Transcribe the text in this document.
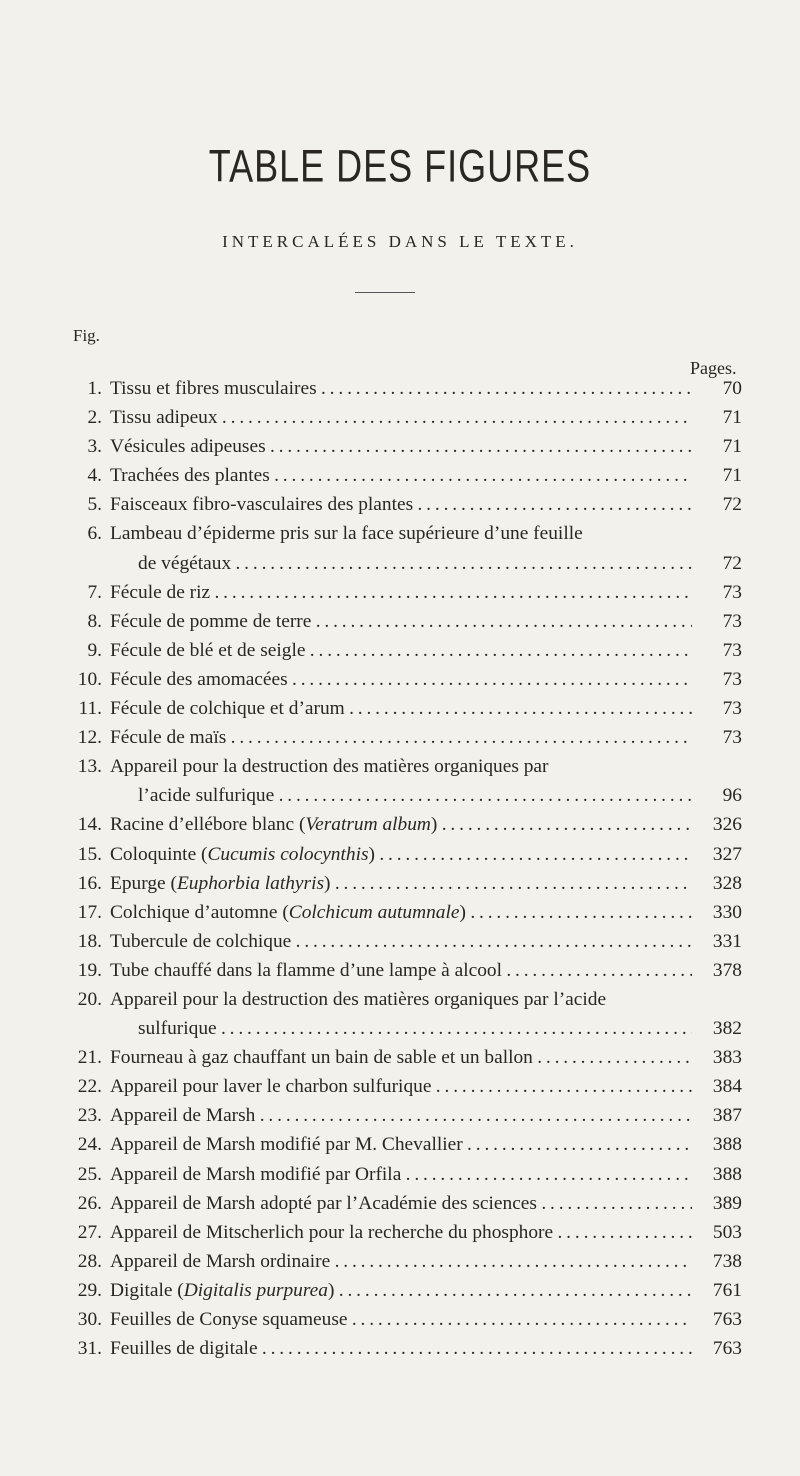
TABLE DES FIGURES
INTERCALÉES DANS LE TEXTE.
Fig.
Pages.
1. Tissu et fibres musculaires . . .	70
2. Tissu adipeux . . .	71
3. Vésicules adipeuses . . .	71
4. Trachées des plantes . . .	71
5. Faisceaux fibro-vasculaires des plantes . . .	72
6. Lambeau d’épiderme pris sur la face supérieure d’une feuille
de végétaux . . .	72
7. Fécule de riz . . .	73
8. Fécule de pomme de terre . . .	73
9. Fécule de blé et de seigle . . .	73
10. Fécule des amomacées . . .	73
11. Fécule de colchique et d’arum . . .	73
12. Fécule de maïs . . .	73
13. Appareil pour la destruction des matières organiques par
l’acide sulfurique . . .	96
14. Racine d’ellébore blanc (Veratrum album) . . .	326
15. Coloquinte (Cucumis colocynthis) . . .	327
16. Epurge (Euphorbia lathyris) . . .	328
17. Colchique d’automne (Colchicum autumnale) . . .	330
18. Tubercule de colchique . . .	331
19. Tube chauffé dans la flamme d’une lampe à alcool . . .	378
20. Appareil pour la destruction des matières organiques par l’acide
sulfurique . . .	382
21. Fourneau à gaz chauffant un bain de sable et un ballon . . .	383
22. Appareil pour laver le charbon sulfurique . . .	384
23. Appareil de Marsh . . .	387
24. Appareil de Marsh modifié par M. Chevallier . . .	388
25. Appareil de Marsh modifié par Orfila . . .	388
26. Appareil de Marsh adopté par l’Académie des sciences . . .	389
27. Appareil de Mitscherlich pour la recherche du phosphore . . .	503
28. Appareil de Marsh ordinaire . . .	738
29. Digitale (Digitalis purpurea) . . .	761
30. Feuilles de Conyse squameuse . . .	763
31. Feuilles de digitale . . .	763
